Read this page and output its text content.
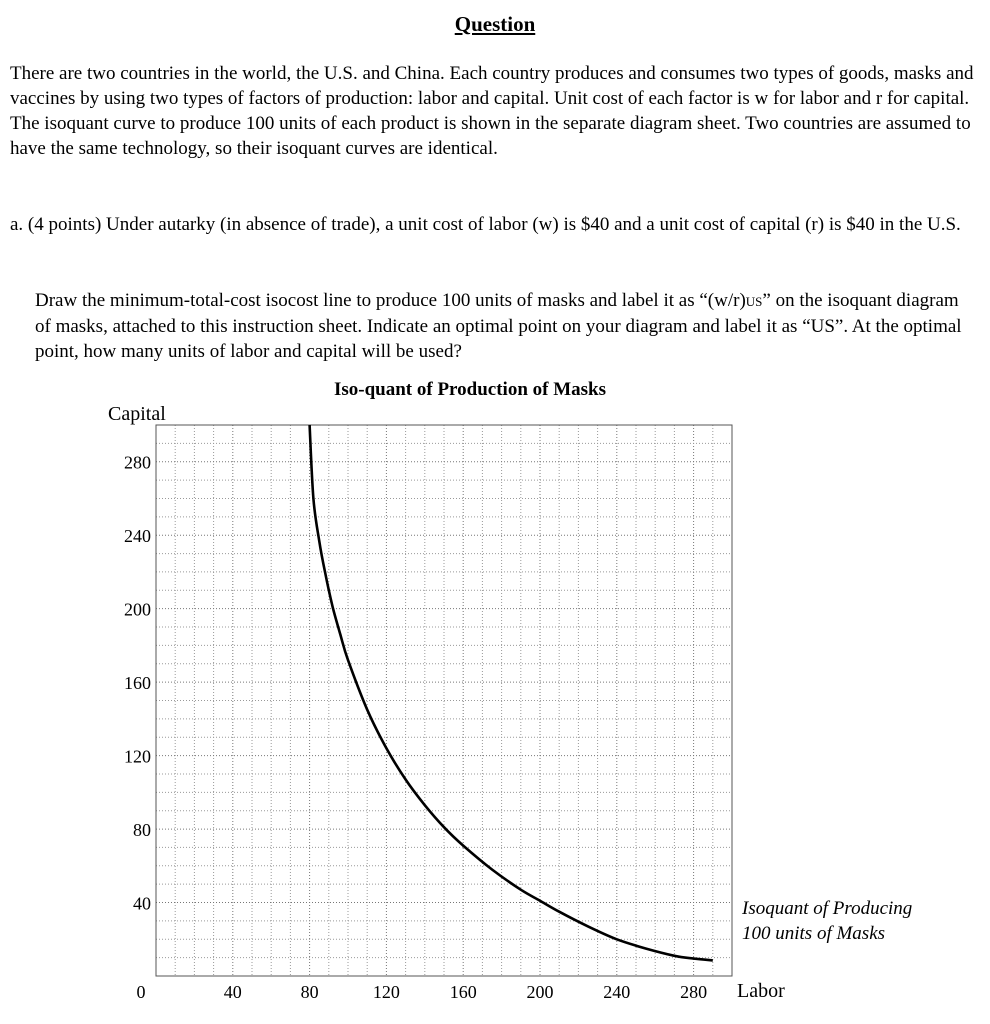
Question
There are two countries in the world, the U.S. and China. Each country produces and consumes two types of goods, masks and vaccines by using two types of factors of production: labor and capital. Unit cost of each factor is w for labor and r for capital. The isoquant curve to produce 100 units of each product is shown in the separate diagram sheet. Two countries are assumed to have the same technology, so their isoquant curves are identical.
a. (4 points) Under autarky (in absence of trade), a unit cost of labor (w) is $40 and a unit cost of capital (r) is $40 in the U.S.
Draw the minimum-total-cost isocost line to produce 100 units of masks and label it as “(w/r)US” on the isoquant diagram of masks, attached to this instruction sheet. Indicate an optimal point on your diagram and label it as “US”. At the optimal point, how many units of labor and capital will be used?
Iso-quant of Production of Masks
Capital
Labor
Isoquant of Producing
100 units of Masks
0	40	80	120	160	200	240	280
40
80
120
160
200
240
280
